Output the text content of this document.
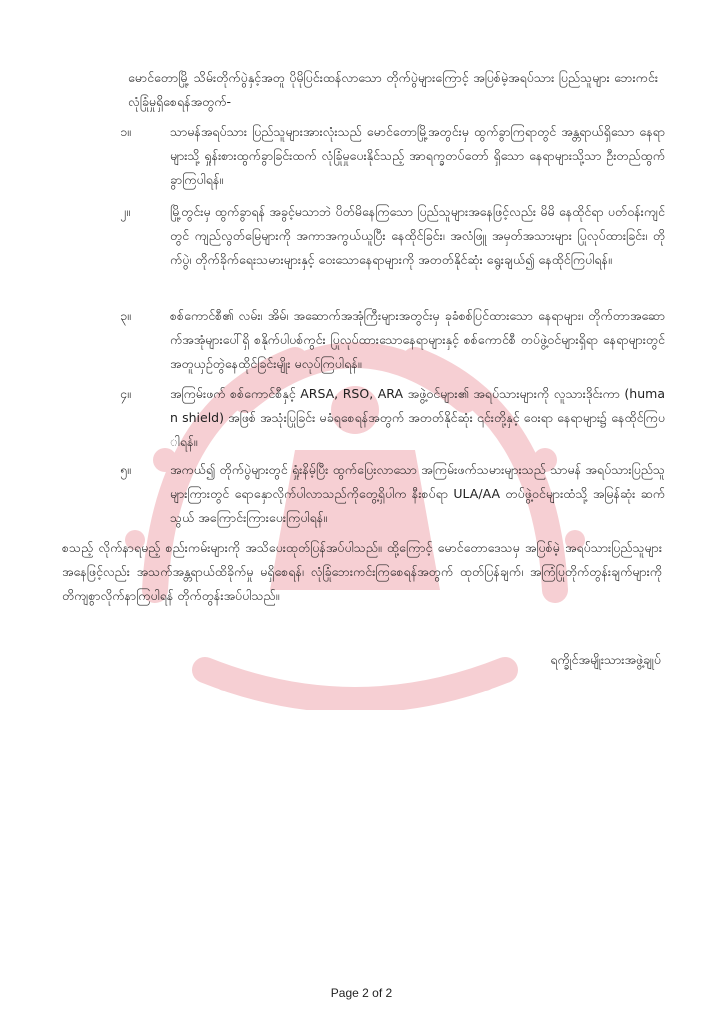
မောင်တောမြို့ သိမ်းတိုက်ပွဲနှင့်အတူ ပိုမိုပြင်းထန်လာသော တိုက်ပွဲများကြောင့် အပြစ်မဲ့အရပ်သား ပြည်သူများ ဘေးကင်းလုံခြုံမှုရှိစေရန်အတွက်-

၁။	သာမန်အရပ်သား ပြည်သူများအားလုံးသည် မောင်တောမြို့အတွင်းမှ ထွက်ခွာကြရာတွင် အန္တရာယ်ရှိသော နေရာများသို့ ရှုန်းစားထွက်ခွာခြင်းထက် လုံခြုံမှုပေးနိုင်သည့် အာရက္ခတပ်တော် ရှိသော နေရာများသို့သာ ဦးတည်ထွက်ခွာကြပါရန်။

၂။	မြို့တွင်းမှ ထွက်ခွာရန် အခွင့်မသာဘဲ ပိတ်မိနေကြသော ပြည်သူများအနေဖြင့်လည်း မိမိ နေထိုင်ရာ ပတ်ဝန်းကျင်တွင် ကျည်လွတ်မြေများကို အကာအကွယ်ယူပြီး နေထိုင်ခြင်း၊ အလံဖြူ အမှတ်အသားများ ပြုလုပ်ထားခြင်း၊ တိုက်ပွဲ၊ တိုက်ခိုက်ရေးသမားများနှင့် ဝေးသောနေရာများကို အတတ်နိုင်ဆုံး ရွေးချယ်၍ နေထိုင်ကြပါရန်။

၃။	စစ်ကောင်စီ၏ လမ်း၊ အိမ်၊ အဆောက်အအုံကြီးများအတွင်းမှ ခုခံစစ်ပြင်ထားသော နေရာများ၊ တိုက်တာအဆောက်အအုံများပေါ်ရှိ စနိုက်ပါပစ်ကွင်း ပြုလုပ်ထားသောနေရာများနှင့် စစ်ကောင်စီ တပ်ဖွဲ့ဝင်များရှိရာ နေရာများတွင် အတူယှဉ်တွဲနေထိုင်ခြင်းမျိုး မလုပ်ကြပါရန်။

၄။	အကြမ်းဖက် စစ်ကောင်စီနှင့် ARSA, RSO, ARA အဖွဲ့ဝင်များ၏ အရပ်သားများကို လူသားဒိုင်းကာ (human shield) အဖြစ် အသုံးပြုခြင်း မခံရစေရန်အတွက် အတတ်နိုင်ဆုံး ၎င်းတို့နှင့် ဝေးရာ နေရာများ၌ နေထိုင်ကြပါရန်။

၅။	အကယ်၍ တိုက်ပွဲများတွင် ရှုံးနိမ့်ပြီး ထွက်ပြေးလာသော အကြမ်းဖက်သမားများသည် သာမန် အရပ်သားပြည်သူများကြားတွင် ရောနှောလိုက်ပါလာသည်ကိုတွေ့ရှိပါက နီးစပ်ရာ ULA/AA တပ်ဖွဲ့ဝင်များထံသို့ အမြန်ဆုံး ဆက်သွယ် အကြောင်းကြားပေးကြပါရန်။

စသည့် လိုက်နာရမည့် စည်းကမ်းများကို အသိပေးထုတ်ပြန်အပ်ပါသည်။ ထို့ကြောင့် မောင်တောဒေသမှ အပြစ်မဲ့ အရပ်သားပြည်သူများအနေဖြင့်လည်း အသက်အန္တရာယ်ထိခိုက်မှု မရှိစေရန်၊ လုံခြုံဘေးကင်းကြစေရန်အတွက် ထုတ်ပြန်ချက်၊ အကြံပြုတိုက်တွန်းချက်များကို တိကျစွာလိုက်နာကြပါရန် တိုက်တွန်းအပ်ပါသည်။

ရက္ခိုင်အမျိုးသားအဖွဲ့ချုပ်
Page 2 of 2
